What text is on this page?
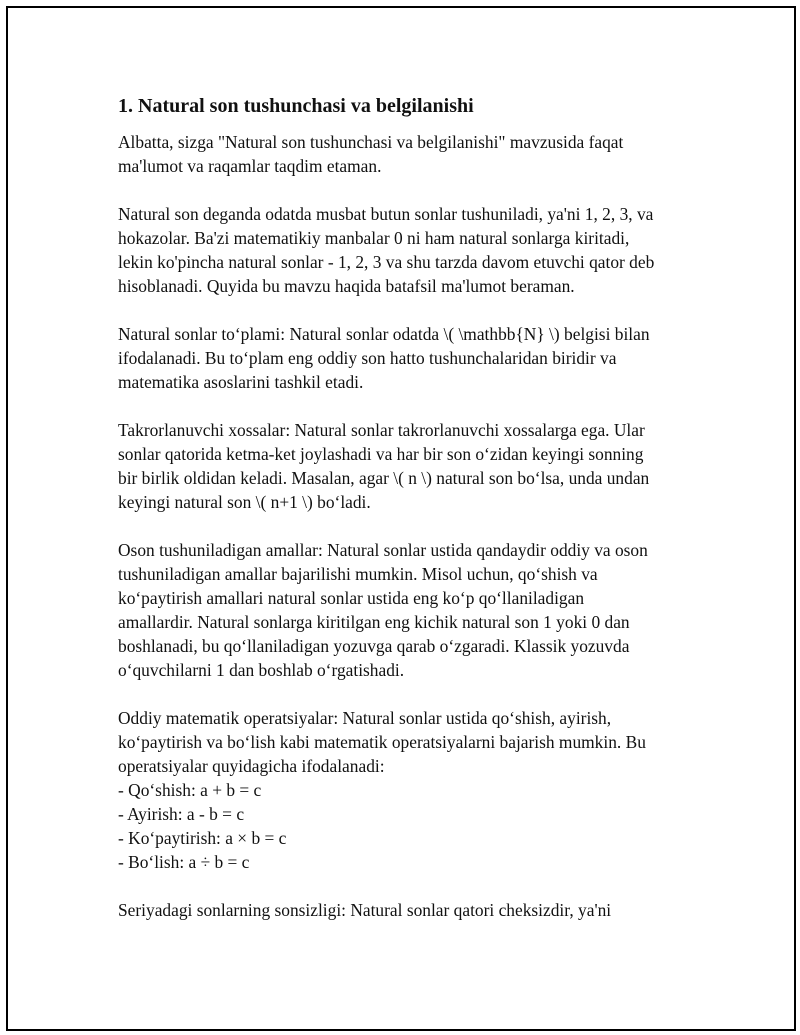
1. Natural son tushunchasi va belgilanishi
Albatta, sizga "Natural son tushunchasi va belgilanishi" mavzusida faqat
ma'lumot va raqamlar taqdim etaman.
Natural son deganda odatda musbat butun sonlar tushuniladi, ya'ni 1, 2, 3, va
hokazolar. Ba'zi matematikiy manbalar 0 ni ham natural sonlarga kiritadi,
lekin ko'pincha natural sonlar - 1, 2, 3 va shu tarzda davom etuvchi qator deb
hisoblanadi. Quyida bu mavzu haqida batafsil ma'lumot beraman.
Natural sonlar to‘plami: Natural sonlar odatda \( \mathbb{N} \) belgisi bilan
ifodalanadi. Bu to‘plam eng oddiy son hatto tushunchalaridan biridir va
matematika asoslarini tashkil etadi.
Takrorlanuvchi xossalar: Natural sonlar takrorlanuvchi xossalarga ega. Ular
sonlar qatorida ketma-ket joylashadi va har bir son o‘zidan keyingi sonning
bir birlik oldidan keladi. Masalan, agar \( n \) natural son bo‘lsa, unda undan
keyingi natural son \( n+1 \) bo‘ladi.
Oson tushuniladigan amallar: Natural sonlar ustida qandaydir oddiy va oson
tushuniladigan amallar bajarilishi mumkin. Misol uchun, qo‘shish va
ko‘paytirish amallari natural sonlar ustida eng ko‘p qo‘llaniladigan
amallardir. Natural sonlarga kiritilgan eng kichik natural son 1 yoki 0 dan
boshlanadi, bu qo‘llaniladigan yozuvga qarab o‘zgaradi. Klassik yozuvda
o‘quvchilarni 1 dan boshlab o‘rgatishadi.
Oddiy matematik operatsiyalar: Natural sonlar ustida qo‘shish, ayirish,
ko‘paytirish va bo‘lish kabi matematik operatsiyalarni bajarish mumkin. Bu
operatsiyalar quyidagicha ifodalanadi:
- Qo‘shish: a + b = c
- Ayirish: a - b = c
- Ko‘paytirish: a × b = c
- Bo‘lish: a ÷ b = c
Seriyadagi sonlarning sonsizligi: Natural sonlar qatori cheksizdir, ya'ni
